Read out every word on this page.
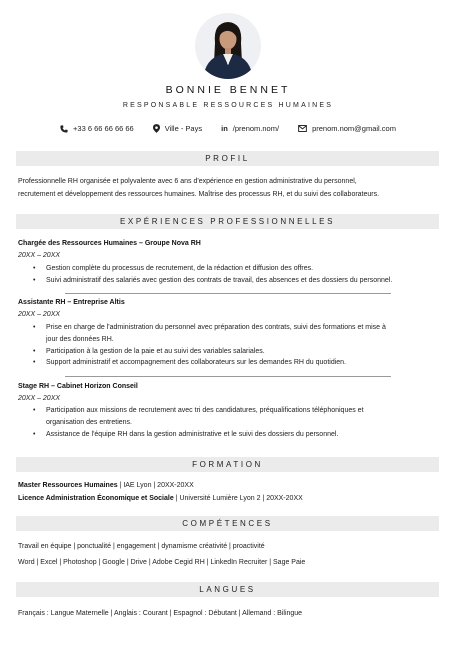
BONNIE BENNET
RESPONSABLE RESSOURCES HUMAINES
+33 6 66 66 66 66	Ville - Pays	in /prenom.nom/	prenom.nom@gmail.com
PROFIL
Professionnelle RH organisée et polyvalente avec 6 ans d'expérience en gestion administrative du personnel,
recrutement et développement des ressources humaines. Maîtrise des processus RH, et du suivi des collaborateurs.
EXPÉRIENCES PROFESSIONNELLES
Chargée des Ressources Humaines – Groupe Nova RH
20XX – 20XX
• Gestion complète du processus de recrutement, de la rédaction et diffusion des offres.
• Suivi administratif des salariés avec gestion des contrats de travail, des absences et des dossiers du personnel.
Assistante RH – Entreprise Altis
20XX – 20XX
• Prise en charge de l'administration du personnel avec préparation des contrats, suivi des formations et mise à
jour des données RH.
• Participation à la gestion de la paie et au suivi des variables salariales.
• Support administratif et accompagnement des collaborateurs sur les demandes RH du quotidien.
Stage RH – Cabinet Horizon Conseil
20XX – 20XX
• Participation aux missions de recrutement avec tri des candidatures, préqualifications téléphoniques et
organisation des entretiens.
• Assistance de l'équipe RH dans la gestion administrative et le suivi des dossiers du personnel.
FORMATION
Master Ressources Humaines | IAE Lyon | 20XX-20XX
Licence Administration Économique et Sociale | Université Lumière Lyon 2 | 20XX-20XX
COMPÉTENCES
Travail en équipe | ponctualité | engagement | dynamisme créativité | proactivité
Word | Excel | Photoshop | Google | Drive | Adobe Cegid RH | LinkedIn Recruiter | Sage Paie
LANGUES
Français : Langue Maternelle | Anglais : Courant | Espagnol : Débutant | Allemand : Bilingue
